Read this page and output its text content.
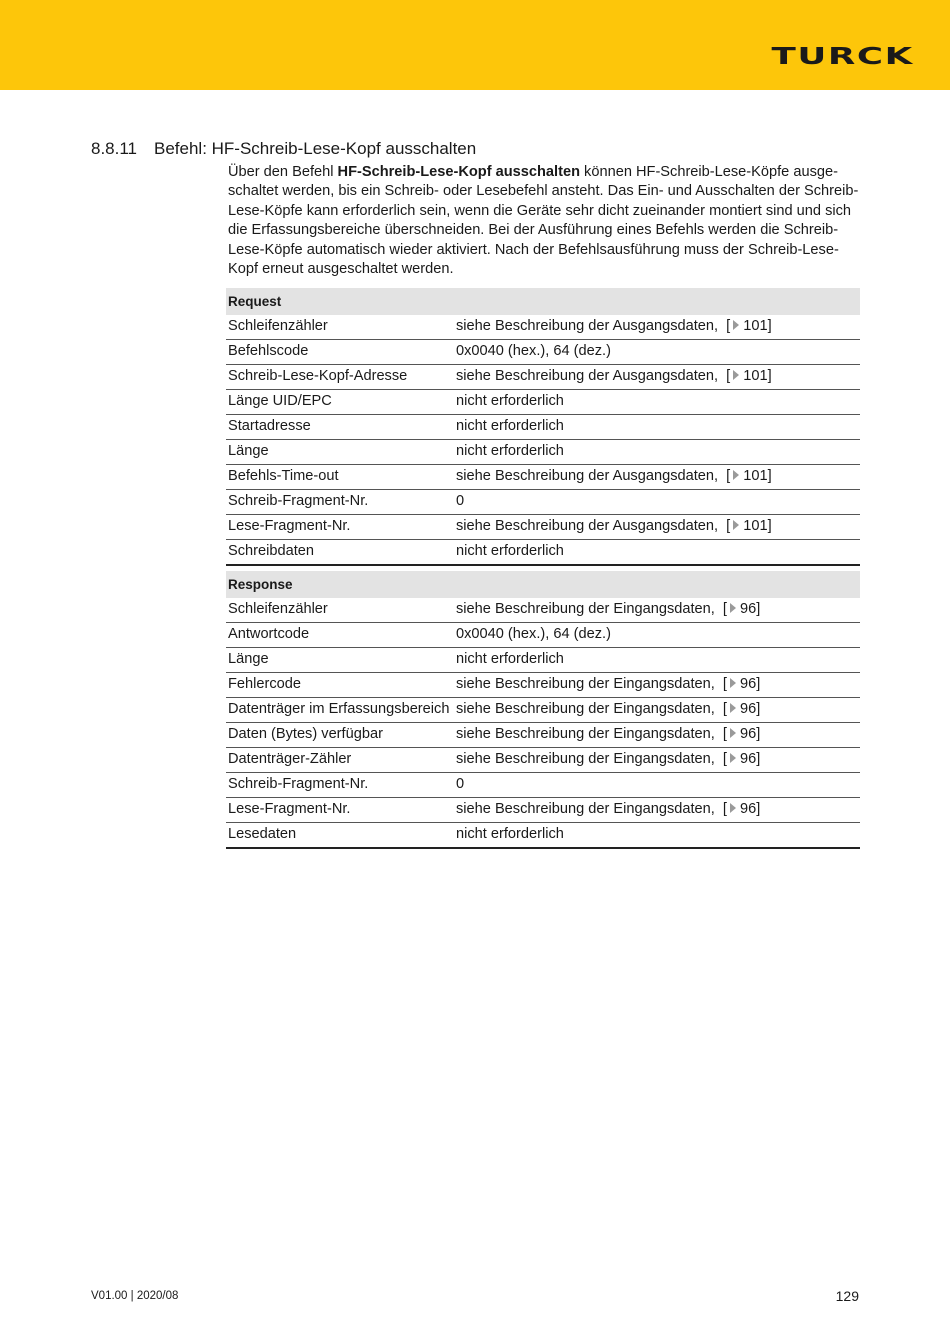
TURCK
8.8.11 Befehl: HF-Schreib-Lese-Kopf ausschalten

Über den Befehl HF-Schreib-Lese-Kopf ausschalten können HF-Schreib-Lese-Köpfe ausge-schaltet werden, bis ein Schreib- oder Lesebefehl ansteht. Das Ein- und Ausschalten der Schreib-Lese-Köpfe kann erforderlich sein, wenn die Geräte sehr dicht zueinander montiert sind und sich die Erfassungsbereiche überschneiden. Bei der Ausführung eines Befehls werden die Schreib-Lese-Köpfe automatisch wieder aktiviert. Nach der Befehlsausführung muss der Schreib-Lese-Kopf erneut ausgeschaltet werden.

Request	
Schleifenzähler	siehe Beschreibung der Ausgangsdaten,  [ 101]
Befehlscode	0x0040 (hex.), 64 (dez.)
Schreib-Lese-Kopf-Adresse	siehe Beschreibung der Ausgangsdaten,  [ 101]
Länge UID/EPC	nicht erforderlich
Startadresse	nicht erforderlich
Länge	nicht erforderlich
Befehls-Time-out	siehe Beschreibung der Ausgangsdaten,  [ 101]
Schreib-Fragment-Nr.	0
Lese-Fragment-Nr.	siehe Beschreibung der Ausgangsdaten,  [ 101]
Schreibdaten	nicht erforderlich
Response	
Schleifenzähler	siehe Beschreibung der Eingangsdaten,  [ 96]
Antwortcode	0x0040 (hex.), 64 (dez.)
Länge	nicht erforderlich
Fehlercode	siehe Beschreibung der Eingangsdaten,  [ 96]
Datenträger im Erfassungsbereich	siehe Beschreibung der Eingangsdaten,  [ 96]
Daten (Bytes) verfügbar	siehe Beschreibung der Eingangsdaten,  [ 96]
Datenträger-Zähler	siehe Beschreibung der Eingangsdaten,  [ 96]
Schreib-Fragment-Nr.	0
Lese-Fragment-Nr.	siehe Beschreibung der Eingangsdaten,  [ 96]
Lesedaten	nicht erforderlich
V01.00 | 2020/08	129
